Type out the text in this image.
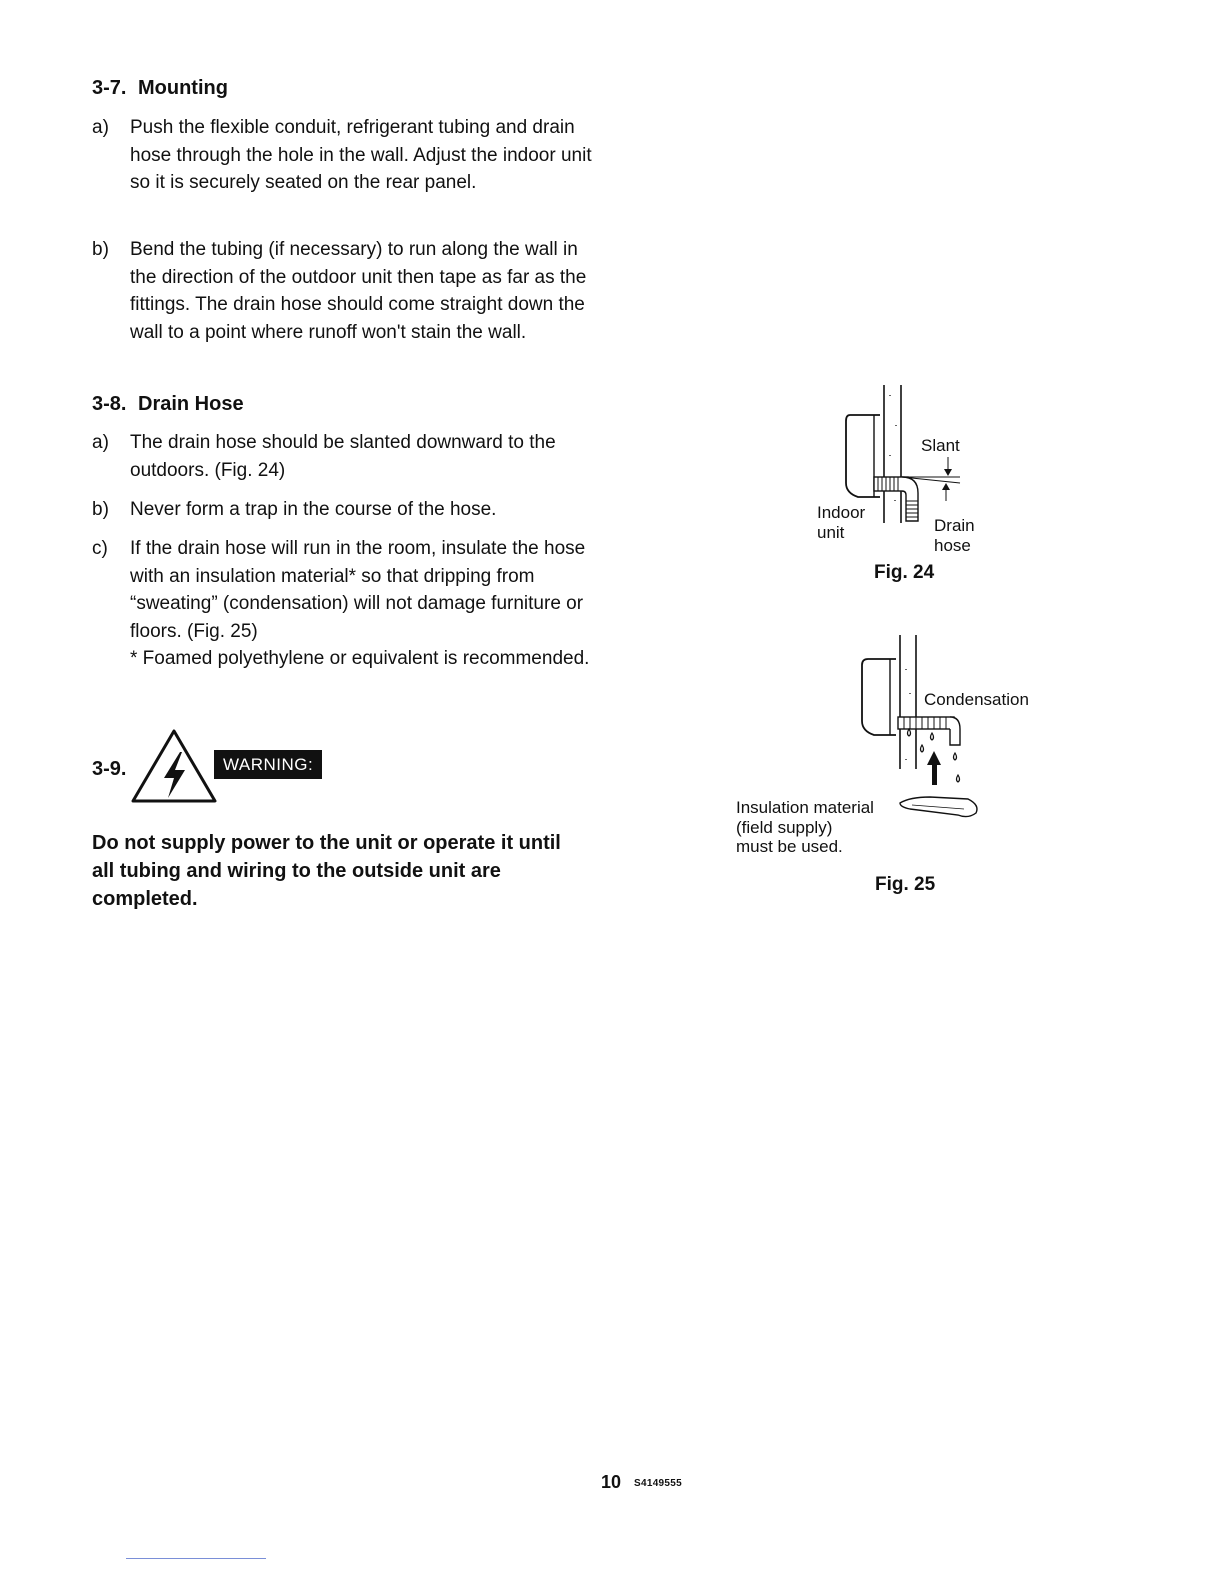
3-7. Mounting
a) Push the flexible conduit, refrigerant tubing and drain hose through the hole in the wall. Adjust the indoor unit so it is securely seated on the rear panel.
b) Bend the tubing (if necessary) to run along the wall in the direction of the outdoor unit then tape as far as the fittings. The drain hose should come straight down the wall to a point where runoff won't stain the wall.
3-8. Drain Hose
a) The drain hose should be slanted downward to the outdoors. (Fig. 24)
b) Never form a trap in the course of the hose.
c) If the drain hose will run in the room, insulate the hose with an insulation material* so that dripping from “sweating” (condensation) will not damage furniture or floors. (Fig. 25)
* Foamed polyethylene or equivalent is recommended.
3-9.	WARNING:
Do not supply power to the unit or operate it until all tubing and wiring to the outside unit are completed.
Slant
Indoor
unit	Drain
hose
Fig. 24
Condensation
Insulation material
(field supply)
must be used.
Fig. 25
10 S4149555
